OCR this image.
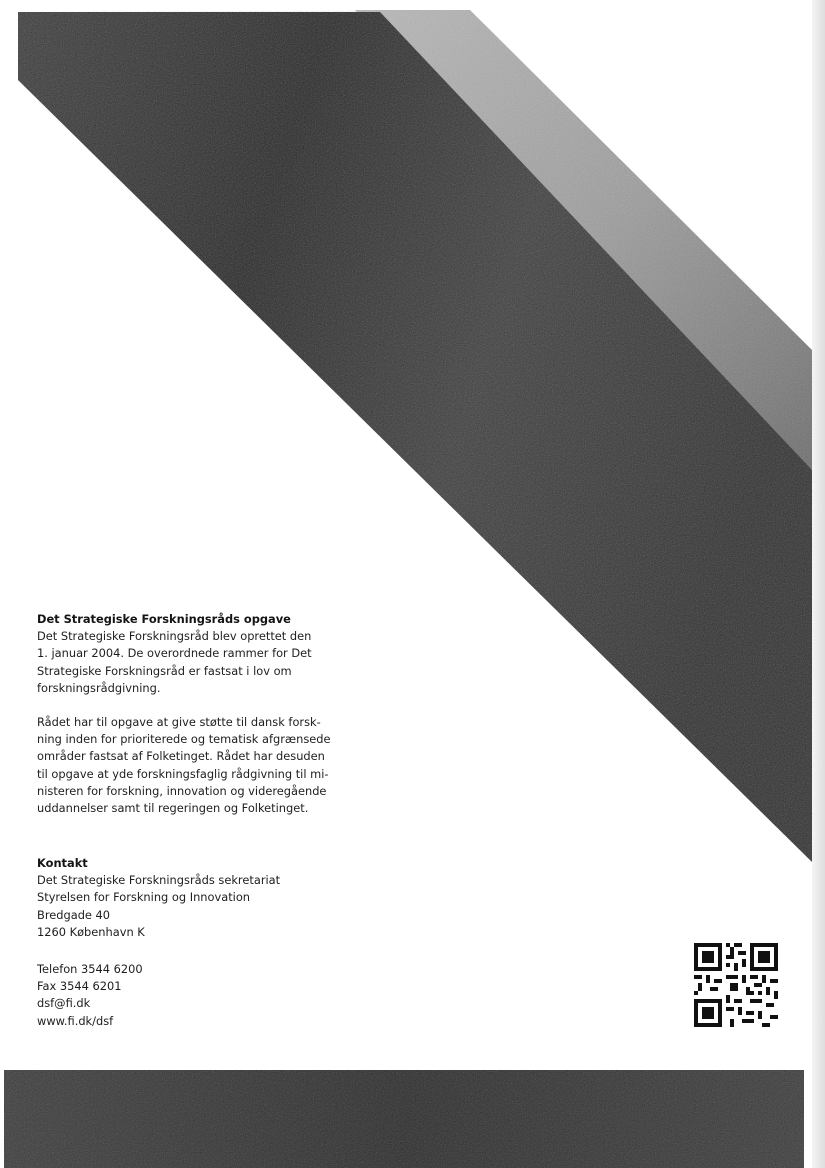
Det Strategiske Forskningsråds opgave

Det Strategiske Forskningsråd blev oprettet den
1. januar 2004. De overordnede rammer for Det
Strategiske Forskningsråd er fastsat i lov om
forskningsrådgivning.

Rådet har til opgave at give støtte til dansk forsk-
ning inden for prioriterede og tematisk afgrænsede
områder fastsat af Folketinget. Rådet har desuden
til opgave at yde forskningsfaglig rådgivning til mi-
nisteren for forskning, innovation og videregående
uddannelser samt til regeringen og Folketinget.

Kontakt

Det Strategiske Forskningsråds sekretariat
Styrelsen for Forskning og Innovation
Bredgade 40
1260 København K
Telefon 3544 6200
Fax 3544 6201
dsf@fi.dk
www.fi.dk/dsf
